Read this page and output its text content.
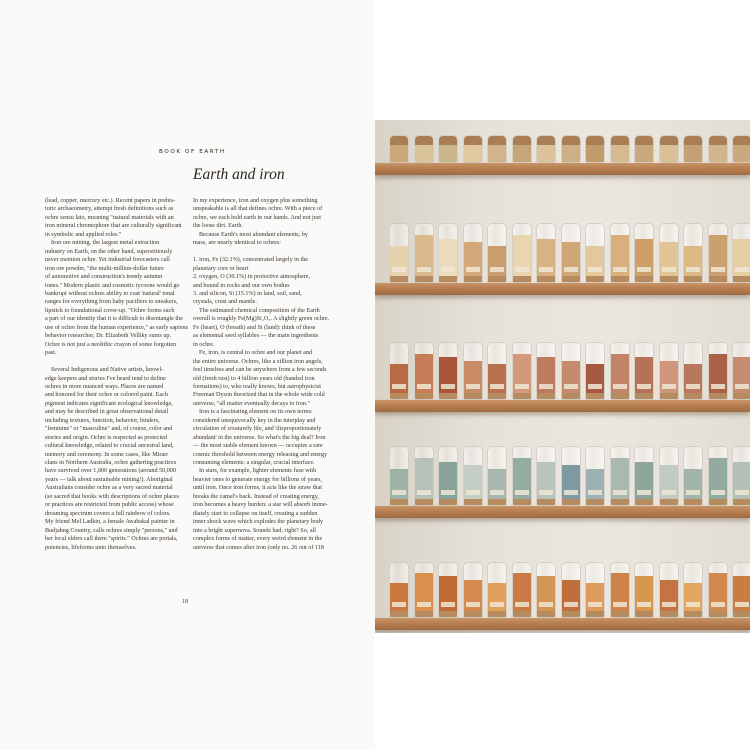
BOOK OF EARTH
Earth and iron
(lead, copper, mercury etc.). Recent papers in prehis-
toric archaeometry, attempt fresh definitions such as
ochre sensu lato, meaning "natural materials with an
iron mineral chromophore that are culturally significant
in symbolic and applied roles."
Iron ore mining, the largest metal extraction
industry on Earth, on the other hand, superstitiously
never mention ochre. Yet industrial forecasters call
iron ore powder, "the multi-million-dollar future
of automotive and construction's trendy autumn
tones." Modern plastic and cosmetic tycoons would go
bankrupt without ochres ability to coat 'natural' tonal
ranges for everything from baby pacifiers to sneakers,
lipstick to foundational cover-up. "Ochre forms such
a part of our identity that it is difficult to disentangle the
use of ochre from the human experience," as early sapiens
behavior researcher, Dr. Elizabeth Velliky sums up.
Ochre is not just a neolithic crayon of some forgotten
past.
Several Indigenous and Native artists, knowl-
edge keepers and stories I've heard tend to define
ochres in more nuanced ways. Places are named
and honored for their ochre or colored paint. Each
pigment indicates significant ecological knowledge,
and may be described in great observational detail
including textures, function, behavior, binders,
"feminine" or "masculine" and, of course, color and
stories and origin. Ochre is respected as protected
cultural knowledge, related to crucial ancestral land,
memory and ceremony. In some cases, like Mirarr
clans in Northern Australia, ochre gathering practices
have survived over 1,000 generations (around 50,000
years — talk about sustainable mining!). Aboriginal
Australians consider ochre as a very sacred material
(so sacred that books with descriptions of ochre places
or practices are restricted from public access) whose
dreaming spectrum covers a full rainbow of colors.
My friend Mel Ladkin, a female Awabakal painter in
Budjahng Country, calls ochres simply "persons," and
her local elders call them "spirits." Ochres are portals,
potencies, lifeforms unto themselves.
In my experience, iron and oxygen plus something
unspeakable is all that defines ochre. With a piece of
ochre, we each hold earth in our hands. And not just
the loose dirt. Earth.
Because Earth's most abundant elements, by
mass, are nearly identical to ochres:
1. iron, Fe (32.1%), concentrated largely in the
planetary core or heart
2. oxygen, O (30.1%) in protective atmosphere,
and bound in rocks and our own bodies
3. and silicon, Si (15.1%) in land, soil, sand,
crystals, crust and mantle.
The estimated chemical composition of the Earth
overall is roughly Fe(Mg)Si₂O₃. A slightly green ochre.
Fe (heart), O (breath) and Si (land): think of these
as elemental seed syllables — the main ingredients
in ochre.
Fe, iron, is central to ochre and our planet and
the entire universe. Ochres, like a zillion iron angels,
feel timeless and can be anywhere from a few seconds
old (fresh rust) to 4 billion years old (banded iron
formations) to, who really knows, but astrophysicist
Freeman Dyson theorized that in the whole wide cold
universe, "all matter eventually decays to iron."
Iron is a fascinating element on its own terms:
considered unequivocally key in the interplay and
circulation of creaturely life, and 'disproportionately
abundant' in the universe. So what's the big deal? Iron
— the most stable element known — occupies a rare
cosmic threshold between energy releasing and energy
consuming elements: a singular, crucial interface.
In stars, for example, lighter elements fuse with
heavier ones to generate energy for billions of years,
until iron. Once iron forms, it acts like the straw that
breaks the camel's back. Instead of creating energy,
iron becomes a heavy burden: a star will absorb imme-
diately start to collapse on itself, creating a sudden
inner shock wave which explodes the planetary body
into a bright supernova. Sounds bad, right? So, all
complex forms of matter, every weird element in the
universe that comes after iron (only no. 26 out of 118
18
